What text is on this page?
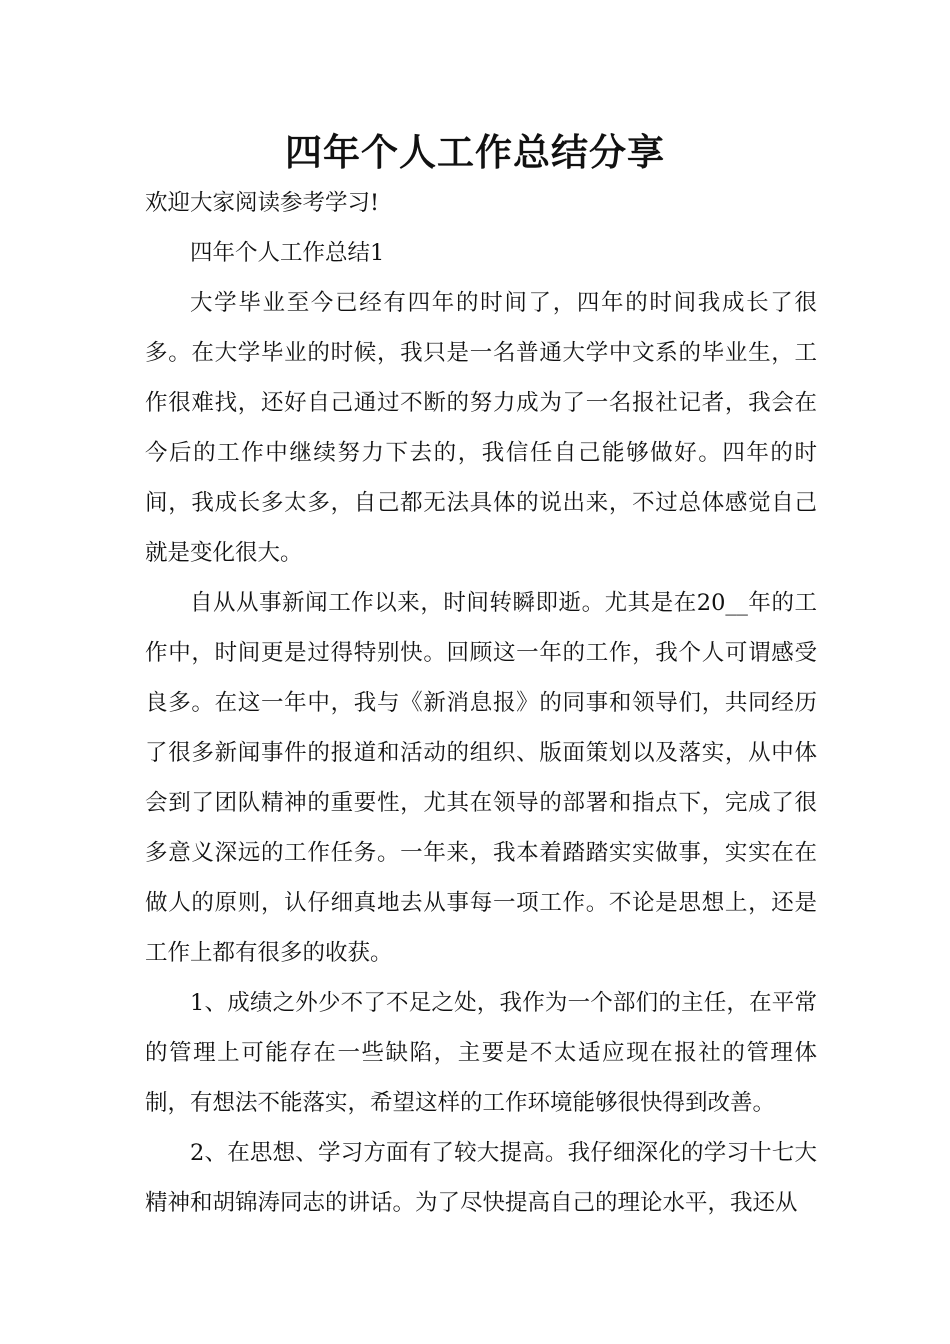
四年个人工作总结分享

欢迎大家阅读参考学习!

四年个人工作总结1

大学毕业至今已经有四年的时间了，四年的时间我成长了很多。在大学毕业的时候，我只是一名普通大学中文系的毕业生，工作很难找，还好自己通过不断的努力成为了一名报社记者，我会在今后的工作中继续努力下去的，我信任自己能够做好。四年的时间，我成长多太多，自己都无法具体的说出来，不过总体感觉自己就是变化很大。

自从从事新闻工作以来，时间转瞬即逝。尤其是在20__年的工作中，时间更是过得特别快。回顾这一年的工作，我个人可谓感受良多。在这一年中，我与《新消息报》的同事和领导们，共同经历了很多新闻事件的报道和活动的组织、版面策划以及落实，从中体会到了团队精神的重要性，尤其在领导的部署和指点下，完成了很多意义深远的工作任务。一年来，我本着踏踏实实做事，实实在在做人的原则，认仔细真地去从事每一项工作。不论是思想上，还是工作上都有很多的收获。

1、成绩之外少不了不足之处，我作为一个部们的主任，在平常的管理上可能存在一些缺陷，主要是不太适应现在报社的管理体制，有想法不能落实，希望这样的工作环境能够很快得到改善。

2、在思想、学习方面有了较大提高。我仔细深化的学习十七大精神和胡锦涛同志的讲话。为了尽快提高自己的理论水平，我还从
